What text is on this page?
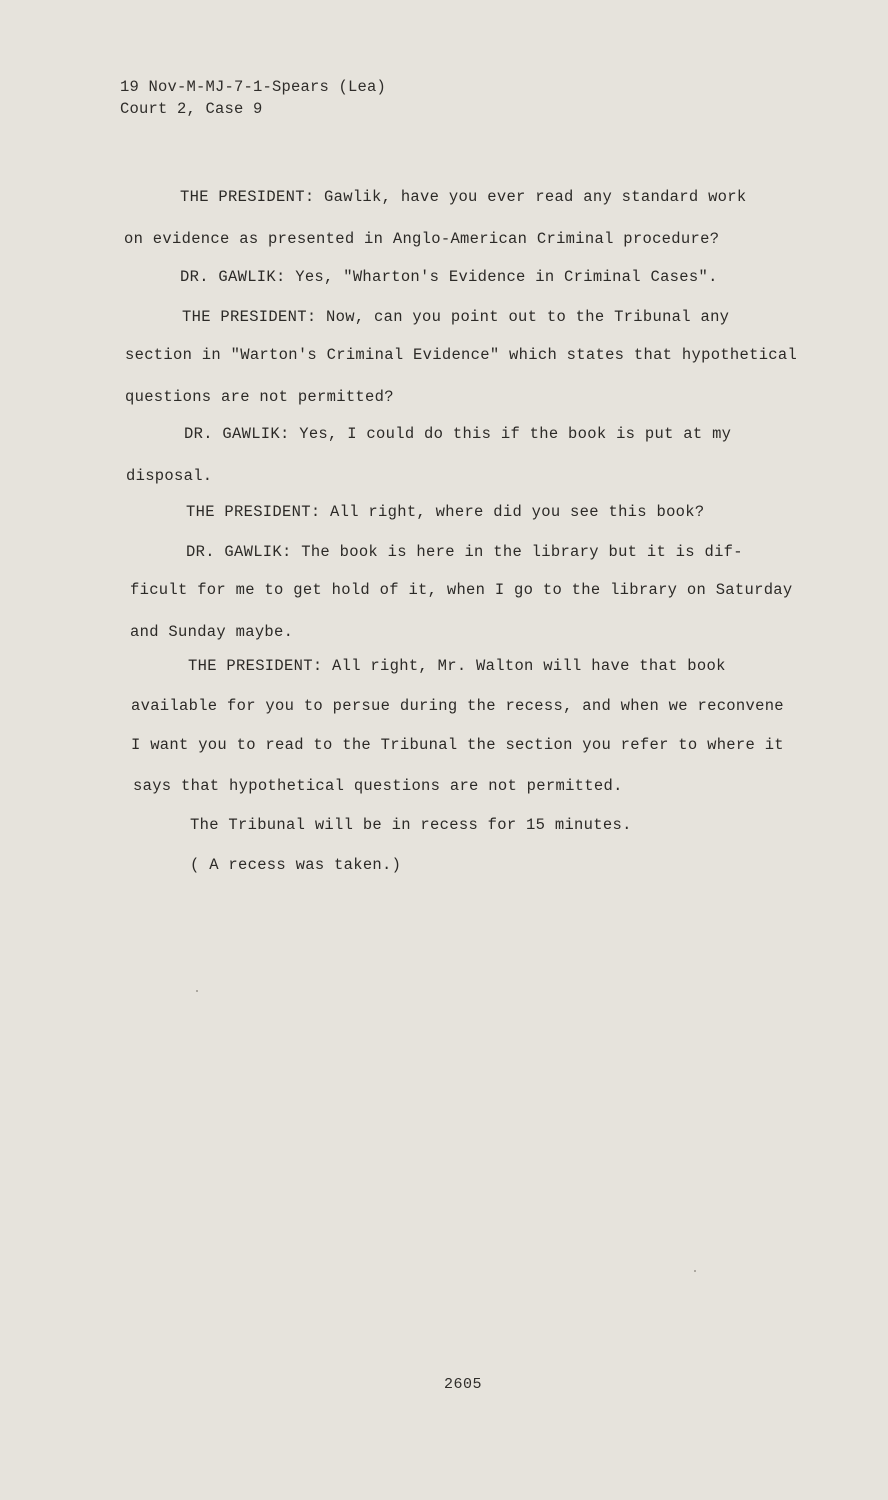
19 Nov-M-MJ-7-1-Spears (Lea)
Court 2, Case 9
THE PRESIDENT: Gawlik, have you ever read any standard work
on evidence as presented in Anglo-American Criminal procedure?
DR. GAWLIK: Yes, "Wharton's Evidence in Criminal Cases".
THE PRESIDENT: Now, can you point out to the Tribunal any
section in "Warton's Criminal Evidence" which states that hypothetical
questions are not permitted?
DR. GAWLIK: Yes, I could do this if the book is put at my
disposal.
THE PRESIDENT: All right, where did you see this book?
DR. GAWLIK: The book is here in the library but it is dif-
ficult for me to get hold of it, when I go to the library on Saturday
and Sunday maybe.
THE PRESIDENT: All right, Mr. Walton will have that book
available for you to persue during the recess, and when we reconvene
I want you to read to the Tribunal the section you refer to where it
says that hypothetical questions are not permitted.
The Tribunal will be in recess for 15 minutes.
( A recess was taken.)
2605
